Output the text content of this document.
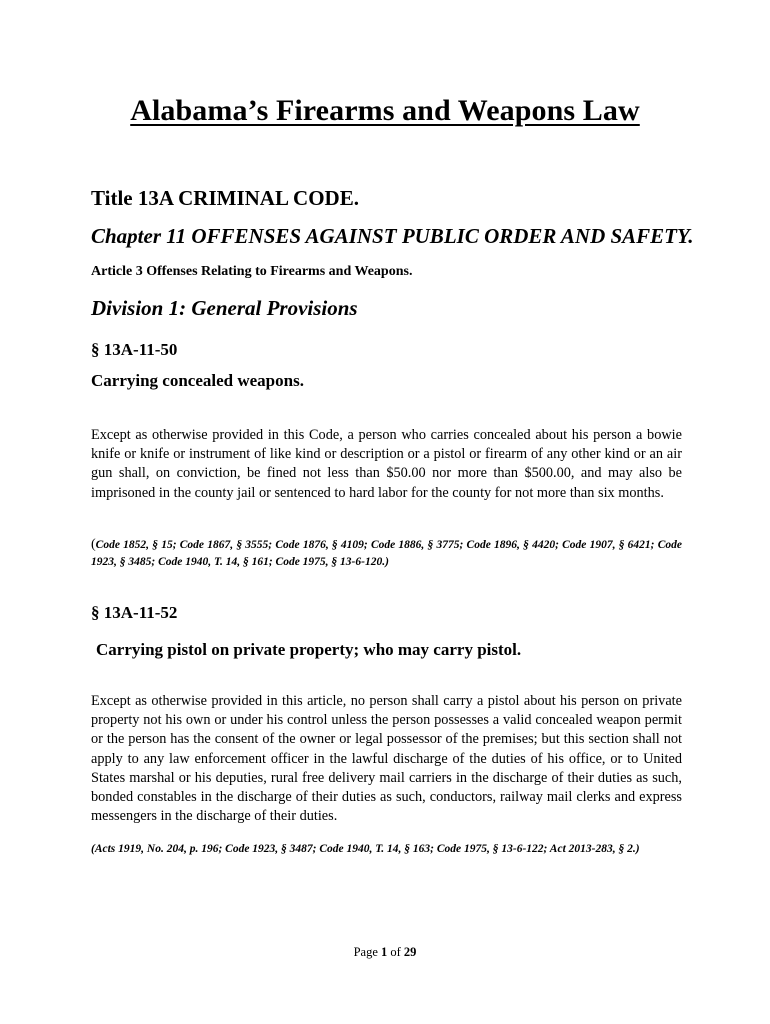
Alabama’s Firearms and Weapons Law
Title 13A CRIMINAL CODE.
Chapter 11 OFFENSES AGAINST PUBLIC ORDER AND SAFETY.
Article 3 Offenses Relating to Firearms and Weapons.
Division 1: General Provisions
§ 13A-11-50
Carrying concealed weapons.
Except as otherwise provided in this Code, a person who carries concealed about his person a bowie knife or knife or instrument of like kind or description or a pistol or firearm of any other kind or an air gun shall, on conviction, be fined not less than $50.00 nor more than $500.00, and may also be imprisoned in the county jail or sentenced to hard labor for the county for not more than six months.
(Code 1852, § 15; Code 1867, § 3555; Code 1876, § 4109; Code 1886, § 3775; Code 1896, § 4420; Code 1907, § 6421; Code 1923, § 3485; Code 1940, T. 14, § 161; Code 1975, § 13-6-120.)
§ 13A-11-52
Carrying pistol on private property; who may carry pistol.
Except as otherwise provided in this article, no person shall carry a pistol about his person on private property not his own or under his control unless the person possesses a valid concealed weapon permit or the person has the consent of the owner or legal possessor of the premises; but this section shall not apply to any law enforcement officer in the lawful discharge of the duties of his office, or to United States marshal or his deputies, rural free delivery mail carriers in the discharge of their duties as such, bonded constables in the discharge of their duties as such, conductors, railway mail clerks and express messengers in the discharge of their duties.
(Acts 1919, No. 204, p. 196; Code 1923, § 3487; Code 1940, T. 14, § 163; Code 1975, § 13-6-122; Act 2013-283, § 2.)
Page 1 of 29
